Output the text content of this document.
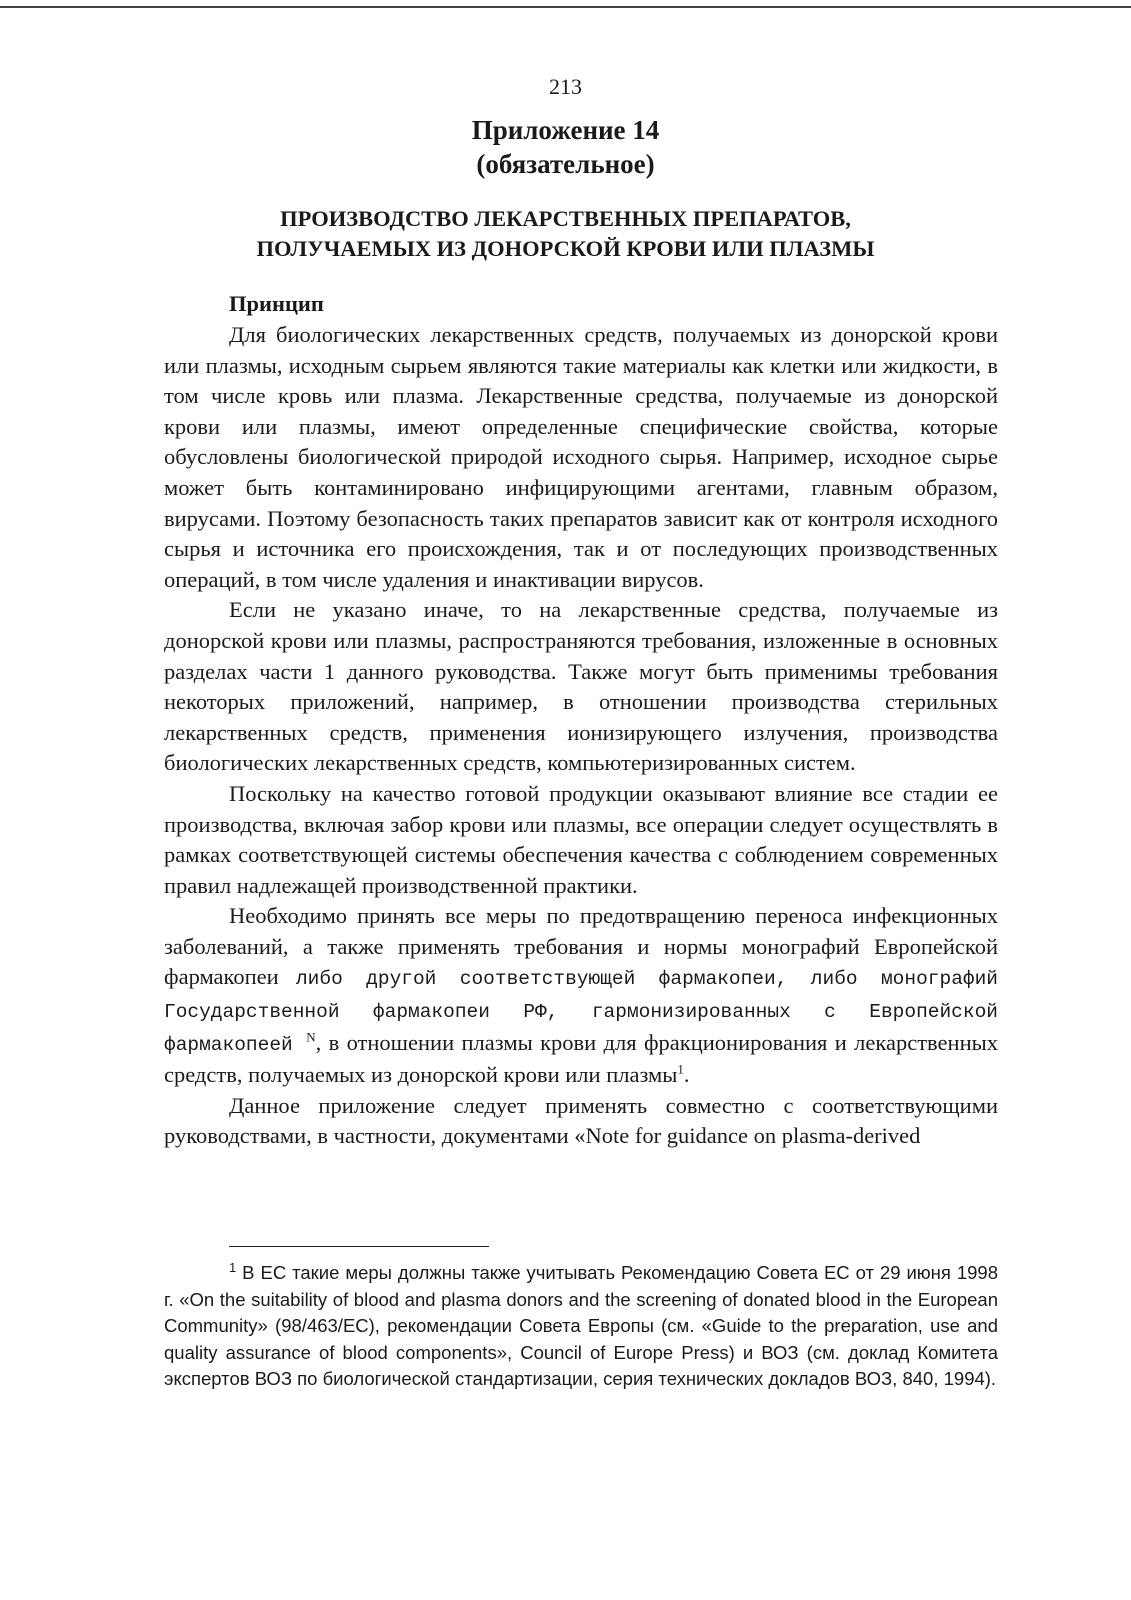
213
Приложение 14
(обязательное)
ПРОИЗВОДСТВО ЛЕКАРСТВЕННЫХ ПРЕПАРАТОВ,
ПОЛУЧАЕМЫХ ИЗ ДОНОРСКОЙ КРОВИ ИЛИ ПЛАЗМЫ
Принцип

Для биологических лекарственных средств, получаемых из донорской крови или плазмы, исходным сырьем являются такие материалы как клетки или жидкости, в том числе кровь или плазма. Лекарственные средства, получаемые из донорской крови или плазмы, имеют определенные специфические свойства, которые обусловлены биологической природой исходного сырья. Например, исходное сырье может быть контаминировано инфицирующими агентами, главным образом, вирусами. Поэтому безопасность таких препаратов зависит как от контроля исходного сырья и источника его происхождения, так и от последующих производственных операций, в том числе удаления и инактивации вирусов.

Если не указано иначе, то на лекарственные средства, получаемые из донорской крови или плазмы, распространяются требования, изложенные в основных разделах части 1 данного руководства. Также могут быть применимы требования некоторых приложений, например, в отношении производства стерильных лекарственных средств, применения ионизирующего излучения, производства биологических лекарственных средств, компьютеризированных систем.

Поскольку на качество готовой продукции оказывают влияние все стадии ее производства, включая забор крови или плазмы, все операции следует осуществлять в рамках соответствующей системы обеспечения качества с соблюдением современных правил надлежащей производственной практики.

Необходимо принять все меры по предотвращению переноса инфекционных заболеваний, а также применять требования и нормы монографий Европейской фармакопеи либо другой соответствующей фармакопеи, либо монографий Государственной фармакопеи РФ, гармонизированных с Европейской фармакопеей $^N$, в отношении плазмы крови для фракционирования и лекарственных средств, получаемых из донорской крови или плазмы$^1$.

Данное приложение следует применять совместно с соответствующими руководствами, в частности, документами «Note for guidance on plasma-derived

$^1$ В ЕС такие меры должны также учитывать Рекомендацию Совета ЕС от 29 июня 1998 г. «On the suitability of blood and plasma donors and the screening of donated blood in the European Community» (98/463/EC), рекомендации Совета Европы (см. «Guide to the preparation, use and quality assurance of blood components», Council of Europe Press) и ВОЗ (см. доклад Комитета экспертов ВОЗ по биологической стандартизации, серия технических докладов ВОЗ, 840, 1994).
